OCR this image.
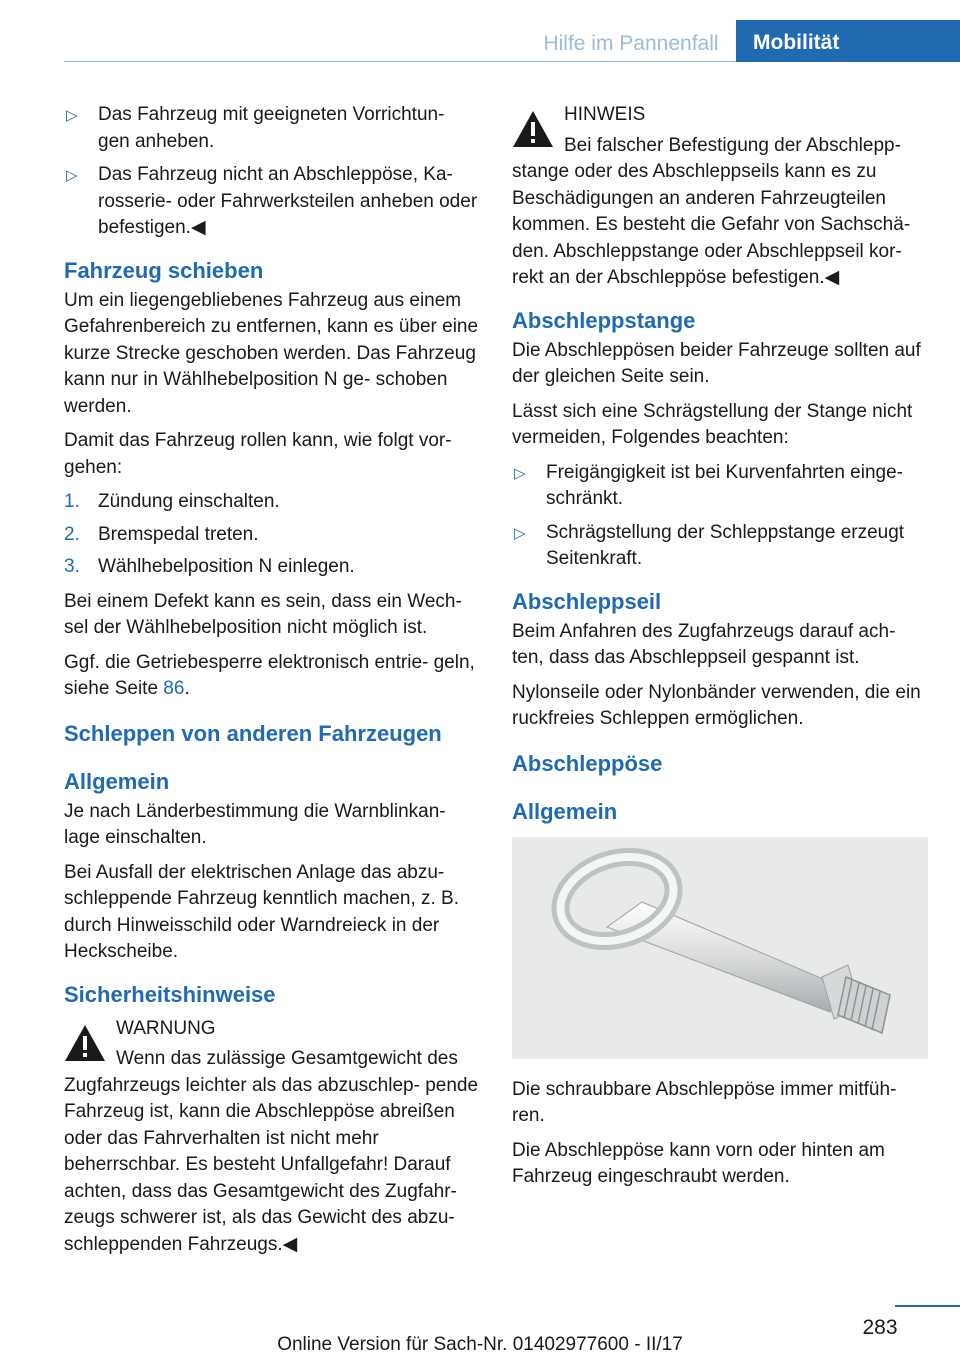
Hilfe im Pannenfall	Mobilität
▷ Das Fahrzeug mit geeigneten Vorrichtun‐ gen anheben.
▷ Das Fahrzeug nicht an Abschleppöse, Ka‐ rosserie- oder Fahrwerksteilen anheben oder befestigen.◀
Fahrzeug schieben

Um ein liegengebliebenes Fahrzeug aus einem Gefahrenbereich zu entfernen, kann es über eine kurze Strecke geschoben werden. Das Fahrzeug kann nur in Wählhebelposition N ge‐ schoben werden.

Damit das Fahrzeug rollen kann, wie folgt vor‐ gehen:

1. Zündung einschalten.
2. Bremspedal treten.
3. Wählhebelposition N einlegen.

Bei einem Defekt kann es sein, dass ein Wech‐ sel der Wählhebelposition nicht möglich ist.

Ggf. die Getriebesperre elektronisch entrie‐ geln, siehe Seite 86.

Schleppen von anderen Fahrzeugen
Allgemein

Je nach Länderbestimmung die Warnblinkan‐ lage einschalten.

Bei Ausfall der elektrischen Anlage das abzu‐ schleppende Fahrzeug kenntlich machen, z. B. durch Hinweisschild oder Warndreieck in der Heckscheibe.

Sicherheitshinweise
WARNUNG
Wenn das zulässige Gesamtgewicht des Zugfahrzeugs leichter als das abzuschlep‐ pende Fahrzeug ist, kann die Abschleppöse abreißen oder das Fahrverhalten ist nicht mehr beherrschbar. Es besteht Unfallgefahr! Darauf achten, dass das Gesamtgewicht des Zugfahr‐ zeugs schwerer ist, als das Gewicht des abzu‐ schleppenden Fahrzeugs.◀
HINWEIS
Bei falscher Befestigung der Abschlepp‐ stange oder des Abschleppseils kann es zu Beschädigungen an anderen Fahrzeugteilen kommen. Es besteht die Gefahr von Sachschä‐ den. Abschleppstange oder Abschleppseil kor‐ rekt an der Abschleppöse befestigen.◀
Abschleppstange

Die Abschleppösen beider Fahrzeuge sollten auf der gleichen Seite sein.

Lässt sich eine Schrägstellung der Stange nicht vermeiden, Folgendes beachten:

▷ Freigängigkeit ist bei Kurvenfahrten einge‐ schränkt.
▷ Schrägstellung der Schleppstange erzeugt Seitenkraft.
Abschleppseil

Beim Anfahren des Zugfahrzeugs darauf ach‐ ten, dass das Abschleppseil gespannt ist.

Nylonseile oder Nylonbänder verwenden, die ein ruckfreies Schleppen ermöglichen.

Abschleppöse
Allgemein

Die schraubbare Abschleppöse immer mitfüh‐ ren.

Die Abschleppöse kann vorn oder hinten am Fahrzeug eingeschraubt werden.

283
Online Version für Sach-Nr. 01402977600 - II/17
